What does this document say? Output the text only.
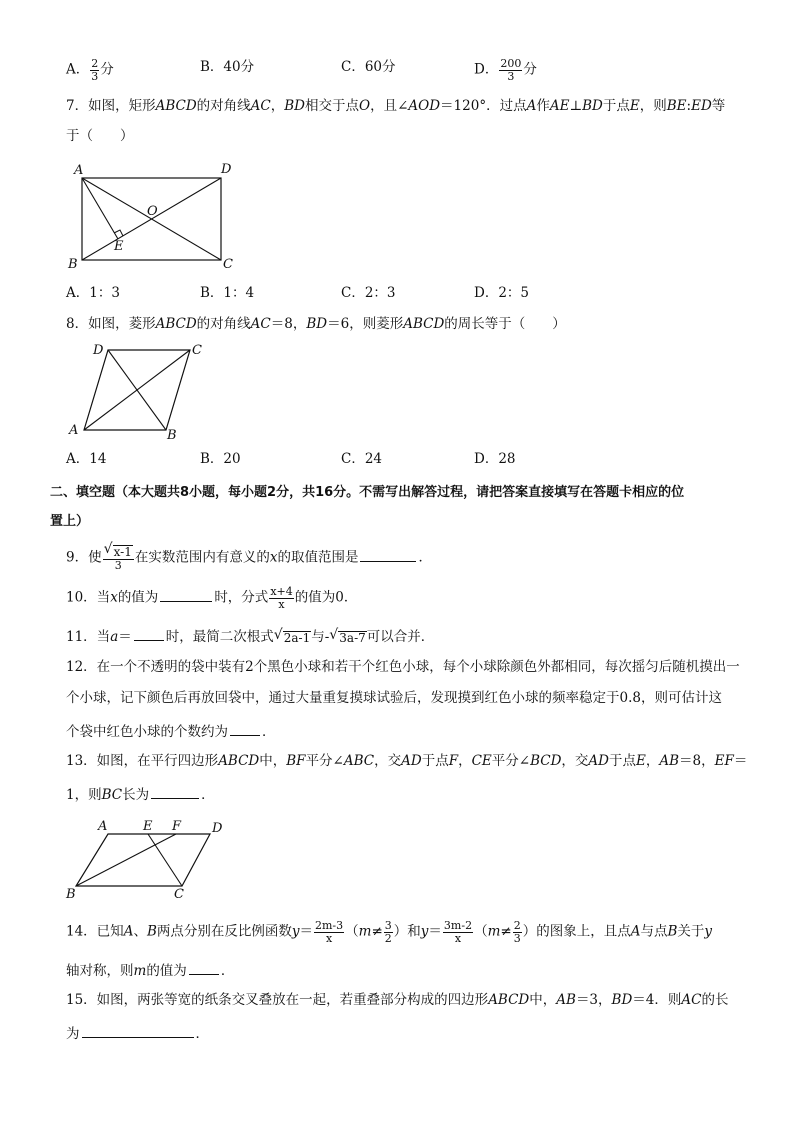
A． $\frac{2}{3}$ 分	B．40分	C．60分	D． $\frac{200}{3}$ 分
7．如图，矩形ABCD的对角线AC，BD相交于点O，且∠AOD＝120°．过点A作AE⊥BD于点E，则BE:ED等
于（　　）
A	D
B	C
O
E
A．1：3	B．1：4	C．2：3	D．2：5
8．如图，菱形ABCD的对角线AC＝8，BD＝6，则菱形ABCD的周长等于（　　）
D	C
A	B
A．14	B．20	C．24	D．28
二、填空题（本大题共8小题，每小题2分，共16分。不需写出解答过程，请把答案直接填写在答题卡相应的位
置上）
9．使 $\frac{√ x-1}{3}$ 在实数范围内有意义的x的取值范围是	．
10．当x的值为	时，分式 $\frac{x+4}{x}$ 的值为0．
11．当a＝	时，最简二次根式 √ 2a-1与- √ 3a-7可以合并．
12．在一个不透明的袋中装有2个黑色小球和若干个红色小球，每个小球除颜色外都相同，每次摇匀后随机摸出一
个小球，记下颜色后再放回袋中，通过大量重复摸球试验后，发现摸到红色小球的频率稳定于0.8，则可估计这
个袋中红色小球的个数约为	．
13．如图，在平行四边形ABCD中，BF平分∠ABC，交AD于点F，CE平分∠BCD，交AD于点E，AB＝8，EF＝
1，则BC长为	．
A	E F D
B	C
14．已知A、B两点分别在反比例函数$y= \frac{2m-3}{x} (m\ne \frac{3}{2}$ ）和$y= \frac{3m-2}{x} (m\ne \frac{2}{3}$ ）的图象上，且点A与点B关于y
轴对称，则m的值为	．
15．如图，两张等宽的纸条交叉叠放在一起，若重叠部分构成的四边形ABCD中，AB＝3，BD＝4．则AC的长
为	．
